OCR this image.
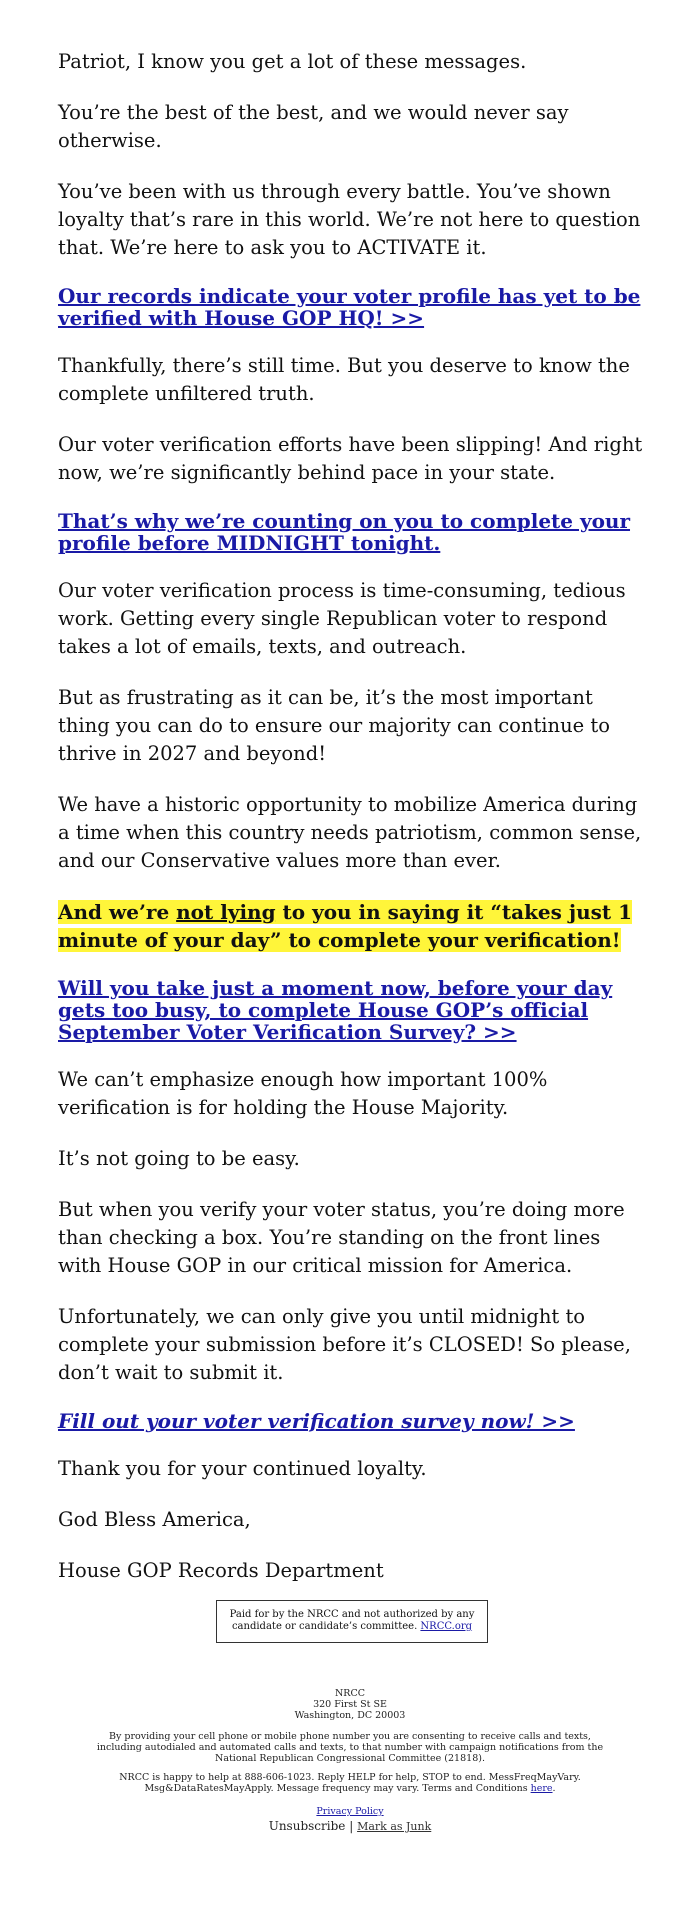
Patriot, I know you get a lot of these messages.

You’re the best of the best, and we would never say otherwise.

You’ve been with us through every battle. You’ve shown loyalty that’s rare in this world. We’re not here to question that. We’re here to ask you to ACTIVATE it.

Our records indicate your voter profile has yet to be verified with House GOP HQ! >>

Thankfully, there’s still time. But you deserve to know the complete unfiltered truth.

Our voter verification efforts have been slipping! And right now, we’re significantly behind pace in your state.

That’s why we’re counting on you to complete your profile before MIDNIGHT tonight.

Our voter verification process is time-consuming, tedious work. Getting every single Republican voter to respond takes a lot of emails, texts, and outreach.

But as frustrating as it can be, it’s the most important thing you can do to ensure our majority can continue to thrive in 2027 and beyond!

We have a historic opportunity to mobilize America during a time when this country needs patriotism, common sense, and our Conservative values more than ever.

And we’re not lying to you in saying it “takes just 1 minute of your day” to complete your verification!

Will you take just a moment now, before your day gets too busy, to complete House GOP’s official September Voter Verification Survey? >>

We can’t emphasize enough how important 100% verification is for holding the House Majority.

It’s not going to be easy.

But when you verify your voter status, you’re doing more than checking a box. You’re standing on the front lines with House GOP in our critical mission for America.

Unfortunately, we can only give you until midnight to complete your submission before it’s CLOSED! So please, don’t wait to submit it.

Fill out your voter verification survey now! >>

Thank you for your continued loyalty.

God Bless America,

House GOP Records Department

Paid for by the NRCC and not authorized by any candidate or candidate’s committee. NRCC.org
NRCC
320 First St SE
Washington, DC 20003
By providing your cell phone or mobile phone number you are consenting to receive calls and texts, including autodialed and automated calls and texts, to that number with campaign notifications from the National Republican Congressional Committee (21818).
NRCC is happy to help at 888-606-1023. Reply HELP for help, STOP to end. MessFreqMayVary. Msg&DataRatesMayApply. Message frequency may vary. Terms and Conditions here.
Privacy Policy
Unsubscribe | Mark as Junk
